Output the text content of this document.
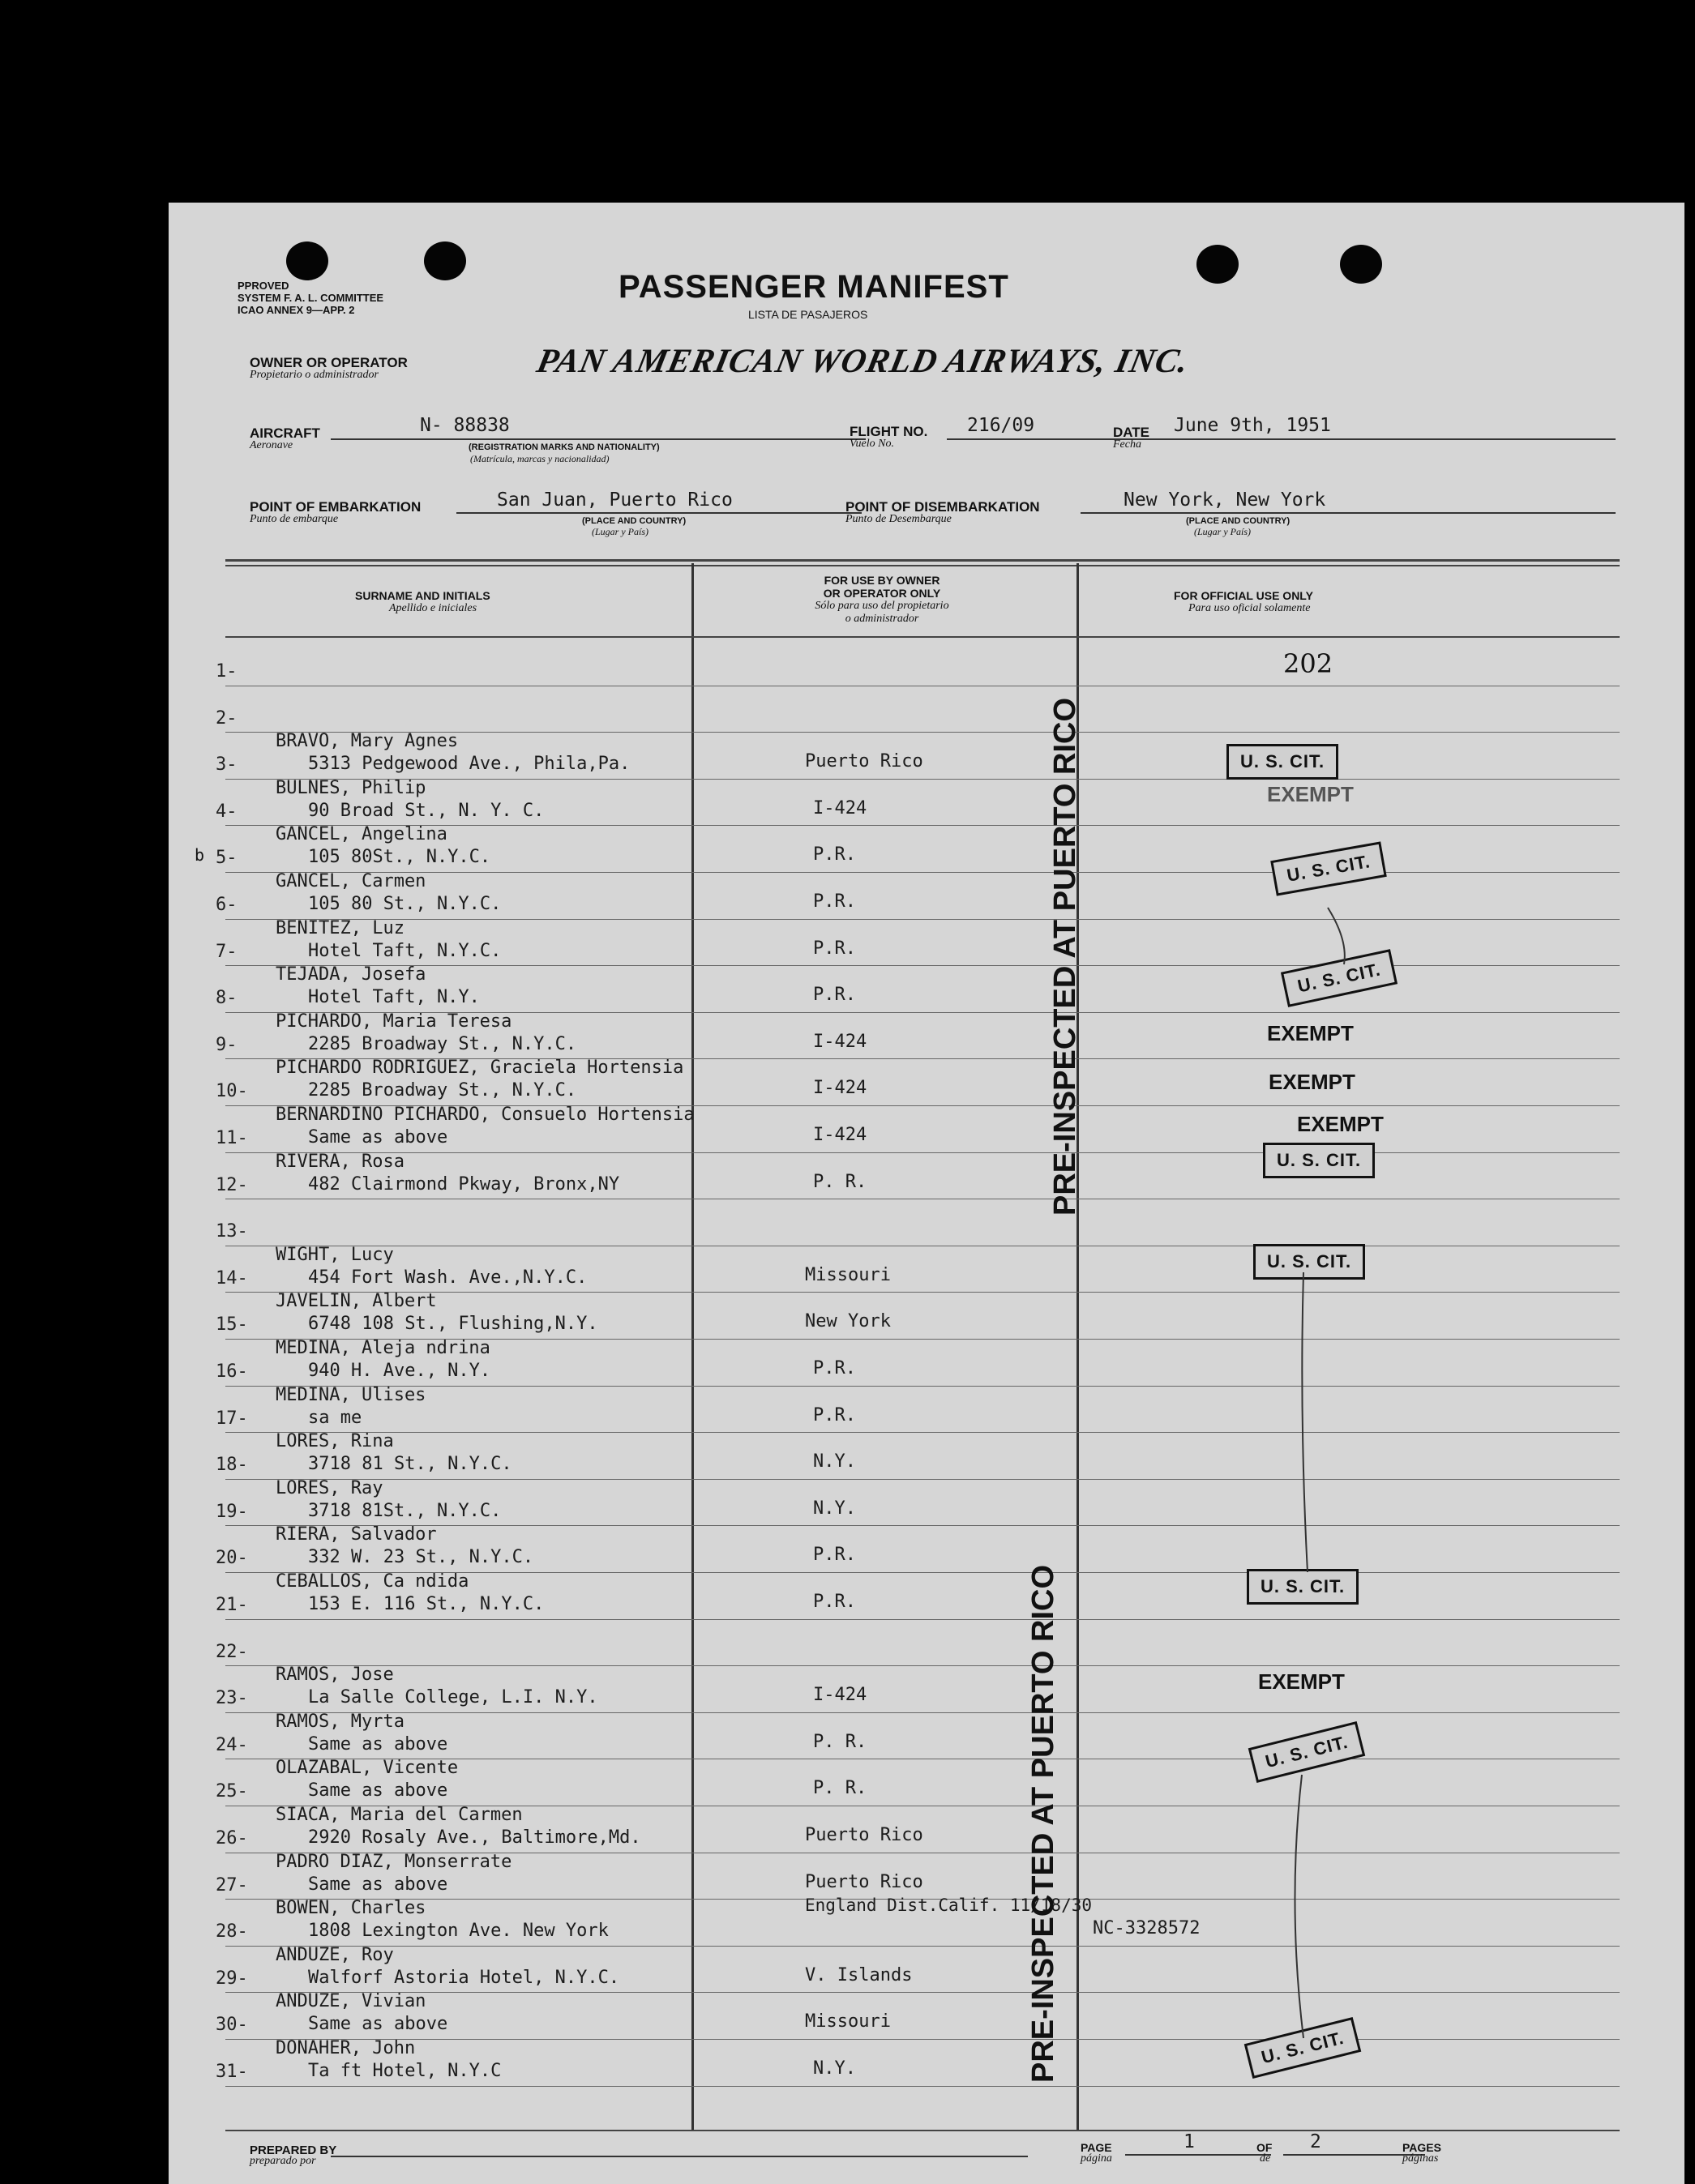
PPROVED
SYSTEM F. A. L. COMMITTEE
ICAO ANNEX 9—APP. 2
PASSENGER MANIFEST
LISTA DE PASAJEROS
OWNER OR OPERATOR
Propietario o administrador	PAN AMERICAN WORLD AIRWAYS, INC.
AIRCRAFT
Aeronave
N- 88838
(REGISTRATION MARKS AND NATIONALITY)
(Matrícula, marcas y nacionalidad)
FLIGHT NO.
Vuelo No.
216/09	DATE
Fecha
June 9th, 1951
POINT OF EMBARKATION
Punto de embarque
San Juan, Puerto Rico
(PLACE AND COUNTRY)
(Lugar y País)
POINT OF DISEMBARKATION
Punto de Desembarque
New York, New York
(PLACE AND COUNTRY)
(Lugar y País)
SURNAME AND INITIALS
Apellido e iniciales
FOR USE BY OWNER
OR OPERATOR ONLY
Sólo para uso del propietario
o administrador
FOR OFFICIAL USE ONLY
Para uso oficial solamente
1-
2-
3-
BRAVO, Mary Agnes
5313 Pedgewood Ave., Phila,Pa.	Puerto Rico
4-
BULNES, Philip
90 Broad St., N. Y. C.	I-424
5-
GANCEL, Angelina
105 80St., N.Y.C.	P.R.
6-
GANCEL, Carmen
105 80 St., N.Y.C.	P.R.
7-
BENITEZ, Luz
Hotel Taft, N.Y.C.	P.R.
8-
TEJADA, Josefa
Hotel Taft, N.Y.	P.R.
9-
PICHARDO, Maria Teresa
2285 Broadway St., N.Y.C.	I-424
10-
PICHARDO RODRIGUEZ, Graciela Hortensia
2285 Broadway St., N.Y.C.	I-424
11-
BERNARDINO PICHARDO, Consuelo Hortensia
Same as above	I-424
12-
RIVERA, Rosa
482 Clairmond Pkway, Bronx,NY	P. R.
13-
14-
WIGHT, Lucy
454 Fort Wash. Ave.,N.Y.C.	Missouri
15-
JAVELIN, Albert
6748 108 St., Flushing,N.Y.	New York
16-
MEDINA, Aleja ndrina
940 H. Ave., N.Y.	P.R.
17-
MEDINA, Ulises
sa me	P.R.
18-
LORES, Rina
3718 81 St., N.Y.C.	N.Y.
19-
LORES, Ray
3718 81St., N.Y.C.	N.Y.
20-
RIERA, Salvador
332 W. 23 St., N.Y.C.	P.R.
21-
CEBALLOS, Ca ndida
153 E. 116 St., N.Y.C.	P.R.
22-
23-
RAMOS, Jose
La Salle College, L.I. N.Y.	I-424
24-
RAMOS, Myrta
Same as above	P. R.
25-
OLAZABAL, Vicente
Same as above	P. R.
26-
SIACA, Maria del Carmen
2920 Rosaly Ave., Baltimore,Md.	Puerto Rico
27-
PADRO DIAZ, Monserrate
Same as above	Puerto Rico
28-
BOWEN, Charles
1808 Lexington Ave. New York
England Dist.Calif. 11/18/30
NC-3328572
29-
ANDUZE, Roy
Walforf Astoria Hotel, N.Y.C.	V. Islands
30-
ANDUZE, Vivian
Same as above	Missouri
31-
DONAHER, John
Ta ft Hotel, N.Y.C	N.Y.
202
b	PRE-INSPECTED AT PUERTO RICO
PRE-INSPECTED AT PUERTO RICO
U. S. CIT.
U. S. CIT.
U. S. CIT.
U. S. CIT.
U. S. CIT.
U. S. CIT.
U. S. CIT.
U. S. CIT.
EXEMPT
EXEMPT
EXEMPT
EXEMPT
EXEMPT
PREPARED BY
preparado por
PAGE
página
1	OF
de
2	PAGES
páginas
